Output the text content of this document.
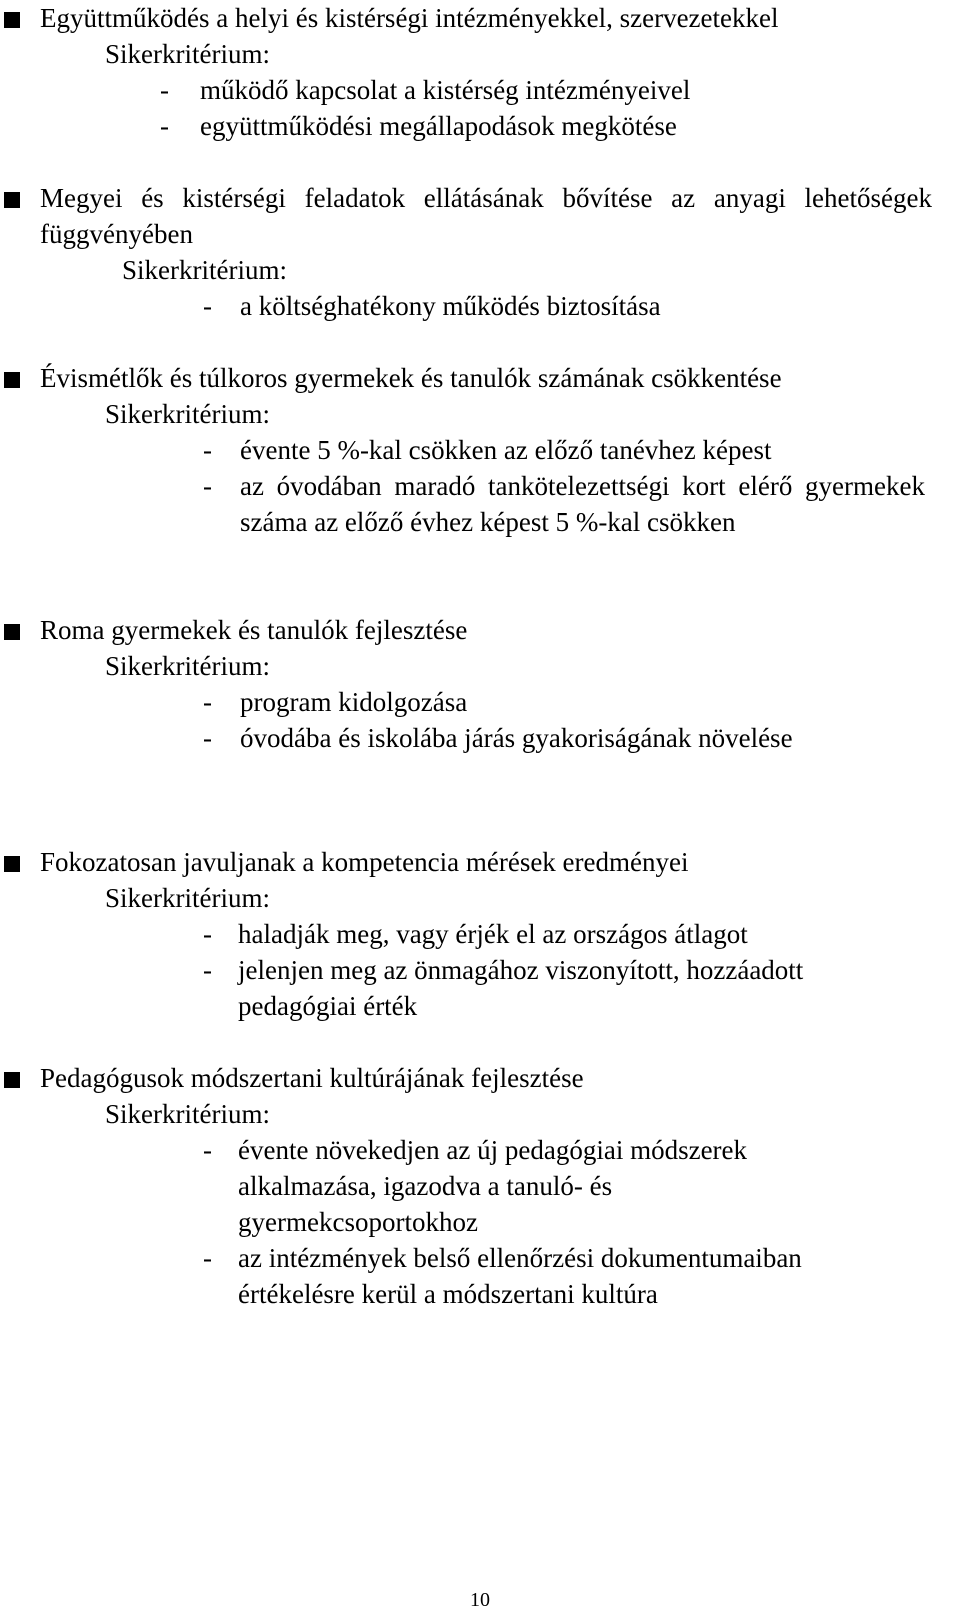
Együttműködés a helyi és kistérségi intézményekkel, szervezetekkel
Sikerkritérium:
- működő kapcsolat a kistérség intézményeivel
- együttműködési megállapodások megkötése
Megyei és kistérségi feladatok ellátásának bővítése az anyagi lehetőségek függvényében
Sikerkritérium:
- a költséghatékony működés biztosítása
Évismétlők és túlkoros gyermekek és tanulók számának csökkentése
Sikerkritérium:
- évente 5 %-kal csökken az előző tanévhez képest
- az óvodában maradó tankötelezettségi kort elérő gyermekek száma az előző évhez képest 5 %-kal csökken
Roma gyermekek és tanulók fejlesztése
Sikerkritérium:
- program kidolgozása
- óvodába és iskolába járás gyakoriságának növelése
Fokozatosan javuljanak a kompetencia mérések eredményei
Sikerkritérium:
- haladják meg, vagy érjék el az országos átlagot
- jelenjen meg az önmagához viszonyított, hozzáadott pedagógiai érték
Pedagógusok módszertani kultúrájának fejlesztése
Sikerkritérium:
- évente növekedjen az új pedagógiai módszerek alkalmazása, igazodva a tanuló- és gyermekcsoportokhoz
- az intézmények belső ellenőrzési dokumentumaiban értékelésre kerül a módszertani kultúra
10
